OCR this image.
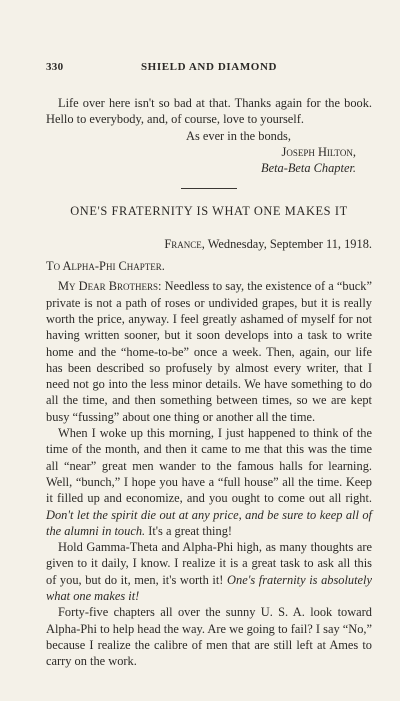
330	SHIELD AND DIAMOND

Life over here isn't so bad at that. Thanks again for the book. Hello to everybody, and, of course, love to yourself.

As ever in the bonds,

Joseph Hilton,

Beta-Beta Chapter.

ONE'S FRATERNITY IS WHAT ONE MAKES IT

France, Wednesday, September 11, 1918.

To Alpha-Phi Chapter.

My Dear Brothers: Needless to say, the existence of a “buck” private is not a path of roses or undivided grapes, but it is really worth the price, anyway. I feel greatly ashamed of myself for not having written sooner, but it soon develops into a task to write home and the “home-to-be” once a week. Then, again, our life has been described so profusely by almost every writer, that I need not go into the less minor details. We have something to do all the time, and then something between times, so we are kept busy “fussing” about one thing or another all the time.

When I woke up this morning, I just happened to think of the time of the month, and then it came to me that this was the time all “near” great men wander to the famous halls for learning. Well, “bunch,” I hope you have a “full house” all the time. Keep it filled up and economize, and you ought to come out all right. Don't let the spirit die out at any price, and be sure to keep all of the alumni in touch. It's a great thing!

Hold Gamma-Theta and Alpha-Phi high, as many thoughts are given to it daily, I know. I realize it is a great task to ask all this of you, but do it, men, it's worth it! One's fraternity is absolutely what one makes it!

Forty-five chapters all over the sunny U. S. A. look toward Alpha-Phi to help head the way. Are we going to fail? I say “No,” because I realize the calibre of men that are still left at Ames to carry on the work.
